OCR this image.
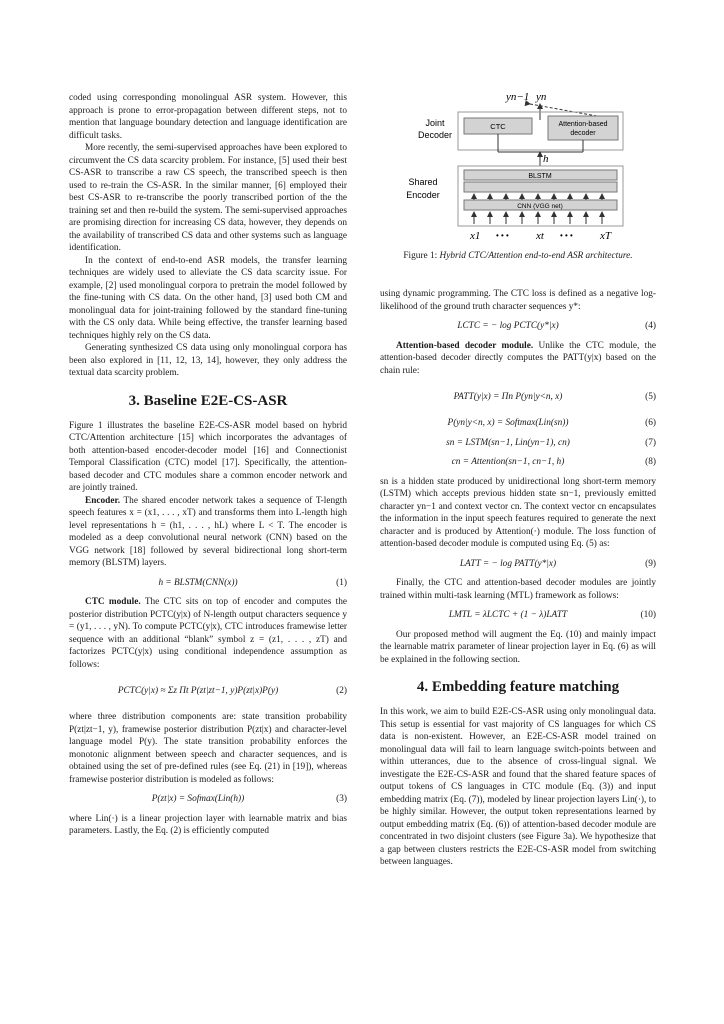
coded using corresponding monolingual ASR system. However, this approach is prone to error-propagation between different steps, not to mention that language boundary detection and language identification are difficult tasks.

More recently, the semi-supervised approaches have been explored to circumvent the CS data scarcity problem. For instance, [5] used their best CS-ASR to transcribe a raw CS speech, the transcribed speech is then used to re-train the CS-ASR. In the similar manner, [6] employed their best CS-ASR to re-transcribe the poorly transcribed portion of the the training set and then re-build the system. The semi-supervised approaches are promising direction for increasing CS data, however, they depends on the availability of transcribed CS data and other systems such as language identification.

In the context of end-to-end ASR models, the transfer learning techniques are widely used to alleviate the CS data scarcity issue. For example, [2] used monolingual corpora to pretrain the model followed by the fine-tuning with CS data. On the other hand, [3] used both CM and monolingual data for joint-training followed by the standard fine-tuning with the CS only data. While being effective, the transfer learning based techniques highly rely on the CS data.

Generating synthesized CS data using only monolingual corpora has been also explored in [11, 12, 13, 14], however, they only address the textual data scarcity problem.

3. Baseline E2E-CS-ASR

Figure 1 illustrates the baseline E2E-CS-ASR model based on hybrid CTC/Attention architecture [15] which incorporates the advantages of both attention-based encoder-decoder model [16] and Connectionist Temporal Classification (CTC) model [17]. Specifically, the attention-based decoder and CTC modules share a common encoder network and are jointly trained.

Encoder. The shared encoder network takes a sequence of T-length speech features x = (x1, . . . , xT) and transforms them into L-length high level representations h = (h1, . . . , hL) where L < T. The encoder is modeled as a deep convolutional neural network (CNN) based on the VGG network [18] followed by several bidirectional long short-term memory (BLSTM) layers.

h = BLSTM(CNN(x))	(1)

CTC module. The CTC sits on top of encoder and computes the posterior distribution PCTC(y|x) of N-length output characters sequence y = (y1, . . . , yN). To compute PCTC(y|x), CTC introduces framewise letter sequence with an additional “blank” symbol z = (z1, . . . , zT) and factorizes PCTC(y|x) using conditional independence assumption as follows:

PCTC(y|x) ≈ Σz Πt P(zt|zt−1, y)P(zt|x)P(y)	(2)

where three distribution components are: state transition probability P(zt|zt−1, y), framewise posterior distribution P(zt|x) and character-level language model P(y). The state transition probability enforces the monotonic alignment between speech and character sequences, and is obtained using the set of pre-defined rules (see Eq. (21) in [19]), whereas framewise posterior distribution is modeled as follows:

P(zt|x) = Sofmax(Lin(h))	(3)

where Lin(·) is a linear projection layer with learnable matrix and bias parameters. Lastly, the Eq. (2) is efficiently computed

yn−1 yn
Joint
Decoder
Shared
Encoder
CTC	Attention-based
decoder
h
BLSTM
CNN (VGG net)
x1 • • • xt • • • xT
Figure 1: Hybrid CTC/Attention end-to-end ASR architecture.

using dynamic programming. The CTC loss is defined as a negative log-likelihood of the ground truth character sequences y*:

LCTC = − log PCTC(y*|x)	(4)

Attention-based decoder module. Unlike the CTC module, the attention-based decoder directly computes the PATT(y|x) based on the chain rule:

PATT(y|x) = Πn P(yn|y<n, x)	(5)
P(yn|y<n, x) = Softmax(Lin(sn))	(6)
sn = LSTM(sn−1, Lin(yn−1), cn)	(7)
cn = Attention(sn−1, cn−1, h)	(8)

sn is a hidden state produced by unidirectional long short-term memory (LSTM) which accepts previous hidden state sn−1, previously emitted character yn−1 and context vector cn. The context vector cn encapsulates the information in the input speech features required to generate the next character and is produced by Attention(·) module. The loss function of attention-based decoder module is computed using Eq. (5) as:

LATT = − log PATT(y*|x)	(9)

Finally, the CTC and attention-based decoder modules are jointly trained within multi-task learning (MTL) framework as follows:

LMTL = λLCTC + (1 − λ)LATT	(10)

Our proposed method will augment the Eq. (10) and mainly impact the learnable matrix parameter of linear projection layer in Eq. (6) as will be explained in the following section.

4. Embedding feature matching

In this work, we aim to build E2E-CS-ASR using only monolingual data. This setup is essential for vast majority of CS languages for which CS data is non-existent. However, an E2E-CS-ASR model trained on monolingual data will fail to learn language switch-points between and within utterances, due to the absence of cross-lingual signal. We investigate the E2E-CS-ASR and found that the shared feature spaces of output tokens of CS languages in CTC module (Eq. (3)) and input embedding matrix (Eq. (7)), modeled by linear projection layers Lin(·), to be highly similar. However, the output token representations learned by output embedding matrix (Eq. (6)) of attention-based decoder module are concentrated in two disjoint clusters (see Figure 3a). We hypothesize that a gap between clusters restricts the E2E-CS-ASR model from switching between languages.
